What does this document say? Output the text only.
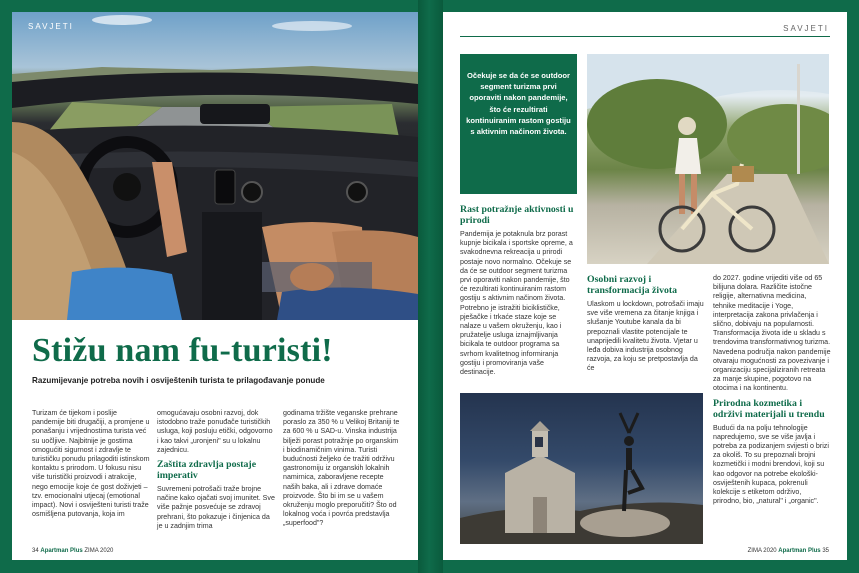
SAVJETI
Stižu nam fu-turisti!
Razumijevanje potreba novih i osviještenih turista te prilagođavanje ponude

Turizam će tijekom i poslije pandemije biti drugačiji, a promjene u ponašanju i vrijednostima turista već su uočljive. Najbitnije je gostima omogućiti sigurnost i zdravlje te turističku ponudu prilagoditi istinskom kontaktu s prirodom. U fokusu nisu više turistički proizvodi i atrakcije, nego emocije koje će gost doživjeti – tzv. emocionalni utjecaj (emotional impact). Novi i osviješteni turisti traže osmišljena putovanja, koja im

omogućavaju osobni razvoj, dok istodobno traže ponuđače turističkih usluga, koji posluju etički, odgovorno i kao takvi „uronjeni" su u lokalnu zajednicu.

Zaštita zdravlja postaje imperativ

Suvremeni potrošači traže brojne načine kako ojačati svoj imunitet. Sve više pažnje posvećuje se zdravoj prehrani, što pokazuje i činjenica da je u zadnjim trima

godinama tržište veganske prehrane poraslo za 350 % u Velikoj Britaniji te za 600 % u SAD-u. Vinska industrija bilježi porast potražnje po organskim i biodinamičnim vinima. Turisti budućnosti željeko će tražiti održivu gastronomiju iz organskih lokalnih namirnica, zaboravljene recepte naših baka, ali i zdrave domaće proizvode. Što bi im se u vašem okruženju moglo preporučiti? Što od lokalnog voća i povrća predstavlja „superfood"?

34 Apartman Plus ZIMA 2020
SAVJETI
Očekuje se da će se outdoor segment turizma prvi oporaviti nakon pandemije, što će rezultirati kontinuiranim rastom gostiju s aktivnim načinom života.
Rast potražnje aktivnosti u prirodi

Pandemija je potaknula brz porast kupnje bicikala i sportske opreme, a svakodnevna rekreacija u prirodi postaje novo normalno. Očekuje se da će se outdoor segment turizma prvi oporaviti nakon pandemije, što će rezultirati kontinuiranim rastom gostiju s aktivnim načinom života. Potrebno je istražiti biciklističke, pješačke i trkaće staze koje se nalaze u vašem okruženju, kao i pružatelje usluga iznajmljivanja bicikala te outdoor programa sa svrhom kvalitetnog informiranja gostiju i promoviranja vaše destinacije.

Osobni razvoj i transformacija života

Ulaskom u lockdown, potrošači imaju sve više vremena za čitanje knjiga i slušanje Youtube kanala da bi prepoznali vlastite potencijale te unaprijedili kvalitetu života. Vjetar u leđa dobiva industrija osobnog razvoja, za koju se pretpostavlja da će

do 2027. godine vrijediti više od 65 bilijuna dolara. Različite istočne religije, alternativna medicina, tehnike meditacije i Yoge, interpretacija zakona privlačenja i slično, dobivaju na popularnosti. Transformacija života ide u skladu s trendovima transformativnog turizma. Navedena područja nakon pandemije otvaraju mogućnosti za povezivanje i organizaciju specijaliziranih retreata za manje skupine, pogotovo na otocima i na kontinentu.

Prirodna kozmetika i održivi materijali u trendu

Budući da na polju tehnologije napredujemo, sve se više javlja i potreba za podizanjem svijesti o brizi za okoliš. To su prepoznali brojni kozmetički i modni brendovi, koji su kao odgovor na potrebe ekološki-osviještenih kupaca, pokrenuli kolekcije s etiketom održivo, prirodno, bio, „natural" i „organic".

ZIMA 2020 Apartman Plus 35
